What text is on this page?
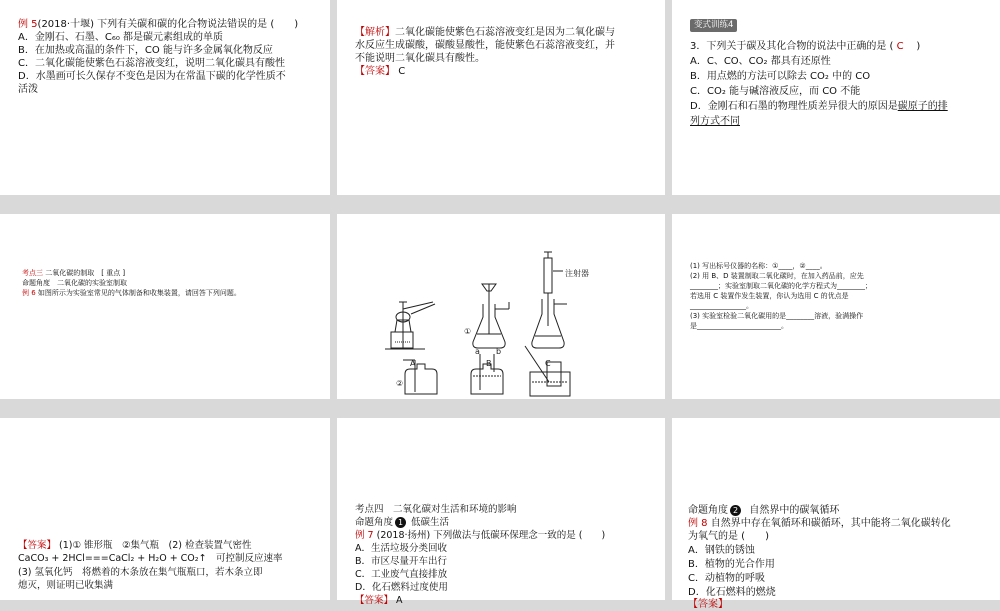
例 5(2018·十堰) 下列有关碳和碳的化合物说法错误的是 (　　)
A．金刚石、石墨、C₆₀ 都是碳元素组成的单质
B．在加热或高温的条件下，CO 能与许多金属氧化物反应
C．二氧化碳能使紫色石蕊溶液变红，说明二氧化碳具有酸性
D．水墨画可长久保存不变色是因为在常温下碳的化学性质不
活泼
【解析】二氧化碳能使紫色石蕊溶液变红是因为二氧化碳与
水反应生成碳酸，碳酸显酸性，能使紫色石蕊溶液变红，并
不能说明二氧化碳具有酸性。
【答案】 C
变式训练4
3．下列关于碳及其化合物的说法中正确的是 ( C )
A．C、CO、CO₂ 都具有还原性
B．用点燃的方法可以除去 CO₂ 中的 CO
C．CO₂ 能与碱溶液反应，而 CO 不能
D．金刚石和石墨的物理性质差异很大的原因是碳原子的排
列方式不同
考点三 二氧化碳的制取　[ 重点 ]
命题角度　二氧化碳的实验室制取
例 6 如图所示为实验室常见的气体制备和收集装置，请回答下列问题。
A	B	C
注射器
①
②
a b
(1) 写出标号仪器的名称：①____，②____。
(2) 用 B、D 装置制取二氧化碳时，在加入药品前，应先
________；实验室制取二氧化碳的化学方程式为________；
若选用 C 装置作发生装置，你认为选用 C 的优点是
________________。
(3) 实验室检验二氧化碳用的是________溶液，验满操作
是________________________。
【答案】 (1)① 锥形瓶　②集气瓶　(2) 检查装置气密性
CaCO₃ + 2HCl===CaCl₂ + H₂O + CO₂↑　可控制反应速率
(3) 氢氧化钙　将燃着的木条放在集气瓶瓶口，若木条立即
熄灭，则证明已收集满
考点四　二氧化碳对生活和环境的影响
命题角度 1 低碳生活
例 7 (2018·扬州) 下列做法与低碳环保理念一致的是 (　　)
A．生活垃圾分类回收
B．市区尽量开车出行
C．工业废气直接排放
D．化石燃料过度使用
【答案】 A
命题角度 2 自然界中的碳氧循环
例 8 自然界中存在氧循环和碳循环，其中能将二氧化碳转化
为氧气的是 (　　)
A．钢铁的锈蚀
B．植物的光合作用
C．动植物的呼吸
D．化石燃料的燃烧
【答案】
